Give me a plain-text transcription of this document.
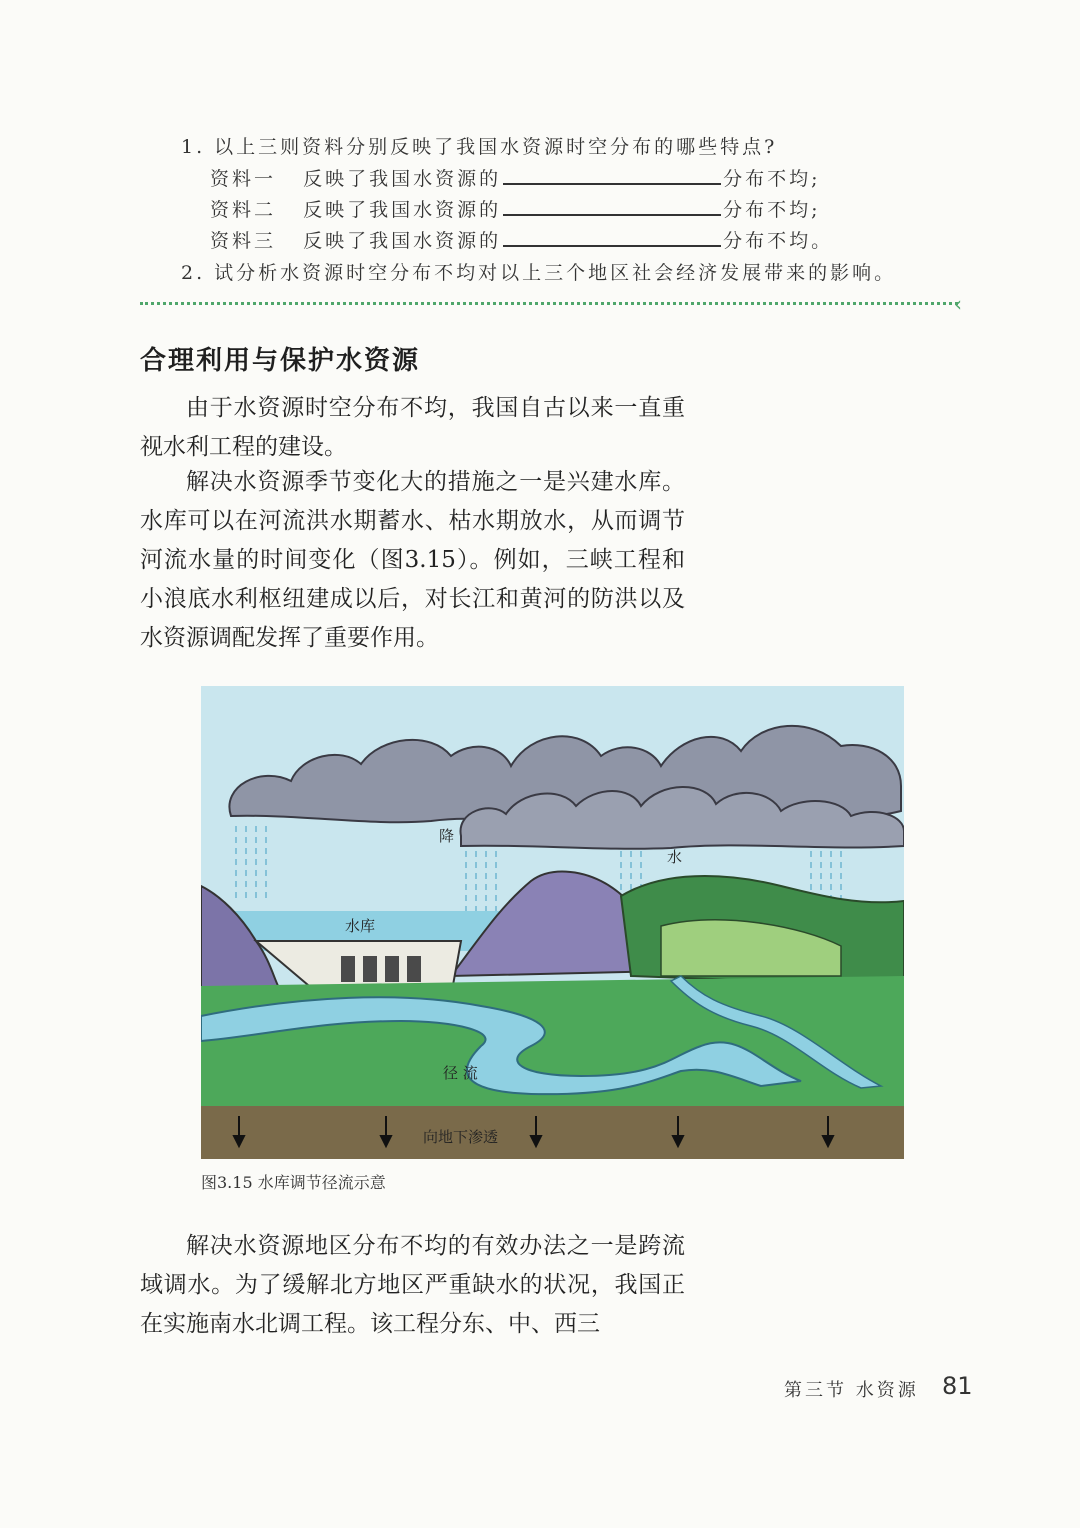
1. 以上三则资料分别反映了我国水资源时空分布的哪些特点?
资料一 反映了我国水资源的	分布不均;
资料二 反映了我国水资源的	分布不均;
资料三 反映了我国水资源的	分布不均。
2. 试分析水资源时空分布不均对以上三个地区社会经济发展带来的影响。
‹
合理利用与保护水资源

由于水资源时空分布不均，我国自古以来一直重视水利工程的建设。

解决水资源季节变化大的措施之一是兴建水库。水库可以在河流洪水期蓄水、枯水期放水，从而调节河流水量的时间变化（图3.15）。例如，三峡工程和小浪底水利枢纽建成以后，对长江和黄河的防洪以及水资源调配发挥了重要作用。

降
水
水库
径 流
向地下渗透
图3.15 水库调节径流示意

解决水资源地区分布不均的有效办法之一是跨流域调水。为了缓解北方地区严重缺水的状况，我国正在实施南水北调工程。该工程分东、中、西三

第三节 水资源 81
